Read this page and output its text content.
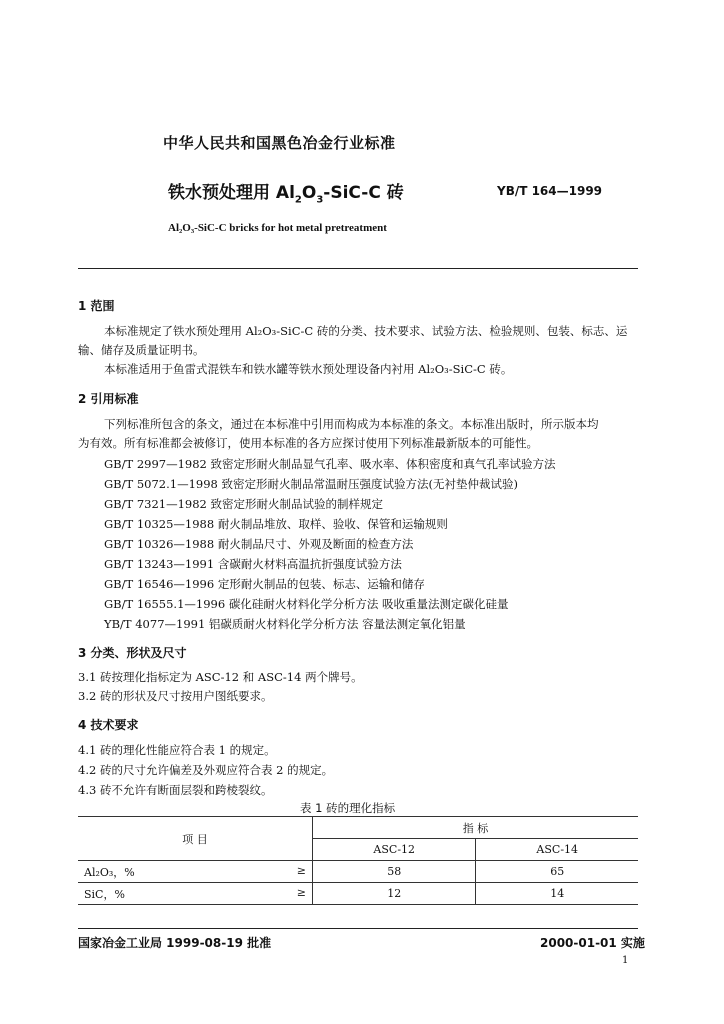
中华人民共和国黑色冶金行业标准
铁水预处理用 $Al_2O_3-SiC-C$ 砖	YB/T 164—1999
Al₂O₃-SiC-C bricks for hot metal pretreatment
1 范围
本标准规定了铁水预处理用 Al₂O₃-SiC-C 砖的分类、技术要求、试验方法、检验规则、包装、标志、运
输、储存及质量证明书。
本标准适用于鱼雷式混铁车和铁水罐等铁水预处理设备内衬用 Al₂O₃-SiC-C 砖。
2 引用标准
下列标准所包含的条文，通过在本标准中引用而构成为本标准的条文。本标准出版时，所示版本均
为有效。所有标准都会被修订，使用本标准的各方应探讨使用下列标准最新版本的可能性。
GB/T 2997—1982 致密定形耐火制品显气孔率、吸水率、体积密度和真气孔率试验方法
GB/T 5072.1—1998 致密定形耐火制品常温耐压强度试验方法(无衬垫仲裁试验)
GB/T 7321—1982 致密定形耐火制品试验的制样规定
GB/T 10325—1988 耐火制品堆放、取样、验收、保管和运输规则
GB/T 10326—1988 耐火制品尺寸、外观及断面的检查方法
GB/T 13243—1991 含碳耐火材料高温抗折强度试验方法
GB/T 16546—1996 定形耐火制品的包装、标志、运输和储存
GB/T 16555.1—1996 碳化硅耐火材料化学分析方法 吸收重量法测定碳化硅量
YB/T 4077—1991 铝碳质耐火材料化学分析方法 容量法测定氧化铝量
3 分类、形状及尺寸
3.1 砖按理化指标定为 ASC-12 和 ASC-14 两个牌号。
3.2 砖的形状及尺寸按用户图纸要求。
4 技术要求
4.1 砖的理化性能应符合表 1 的规定。
4.2 砖的尺寸允许偏差及外观应符合表 2 的规定。
4.3 砖不允许有断面层裂和跨棱裂纹。
表 1 砖的理化指标
项 目	指 标	
	ASC-12	ASC-14
Al₂O₃，% ≥	58	65
SiC，% ≥	12	14
国家冶金工业局 1999-08-19 批准	2000-01-01 实施
1
